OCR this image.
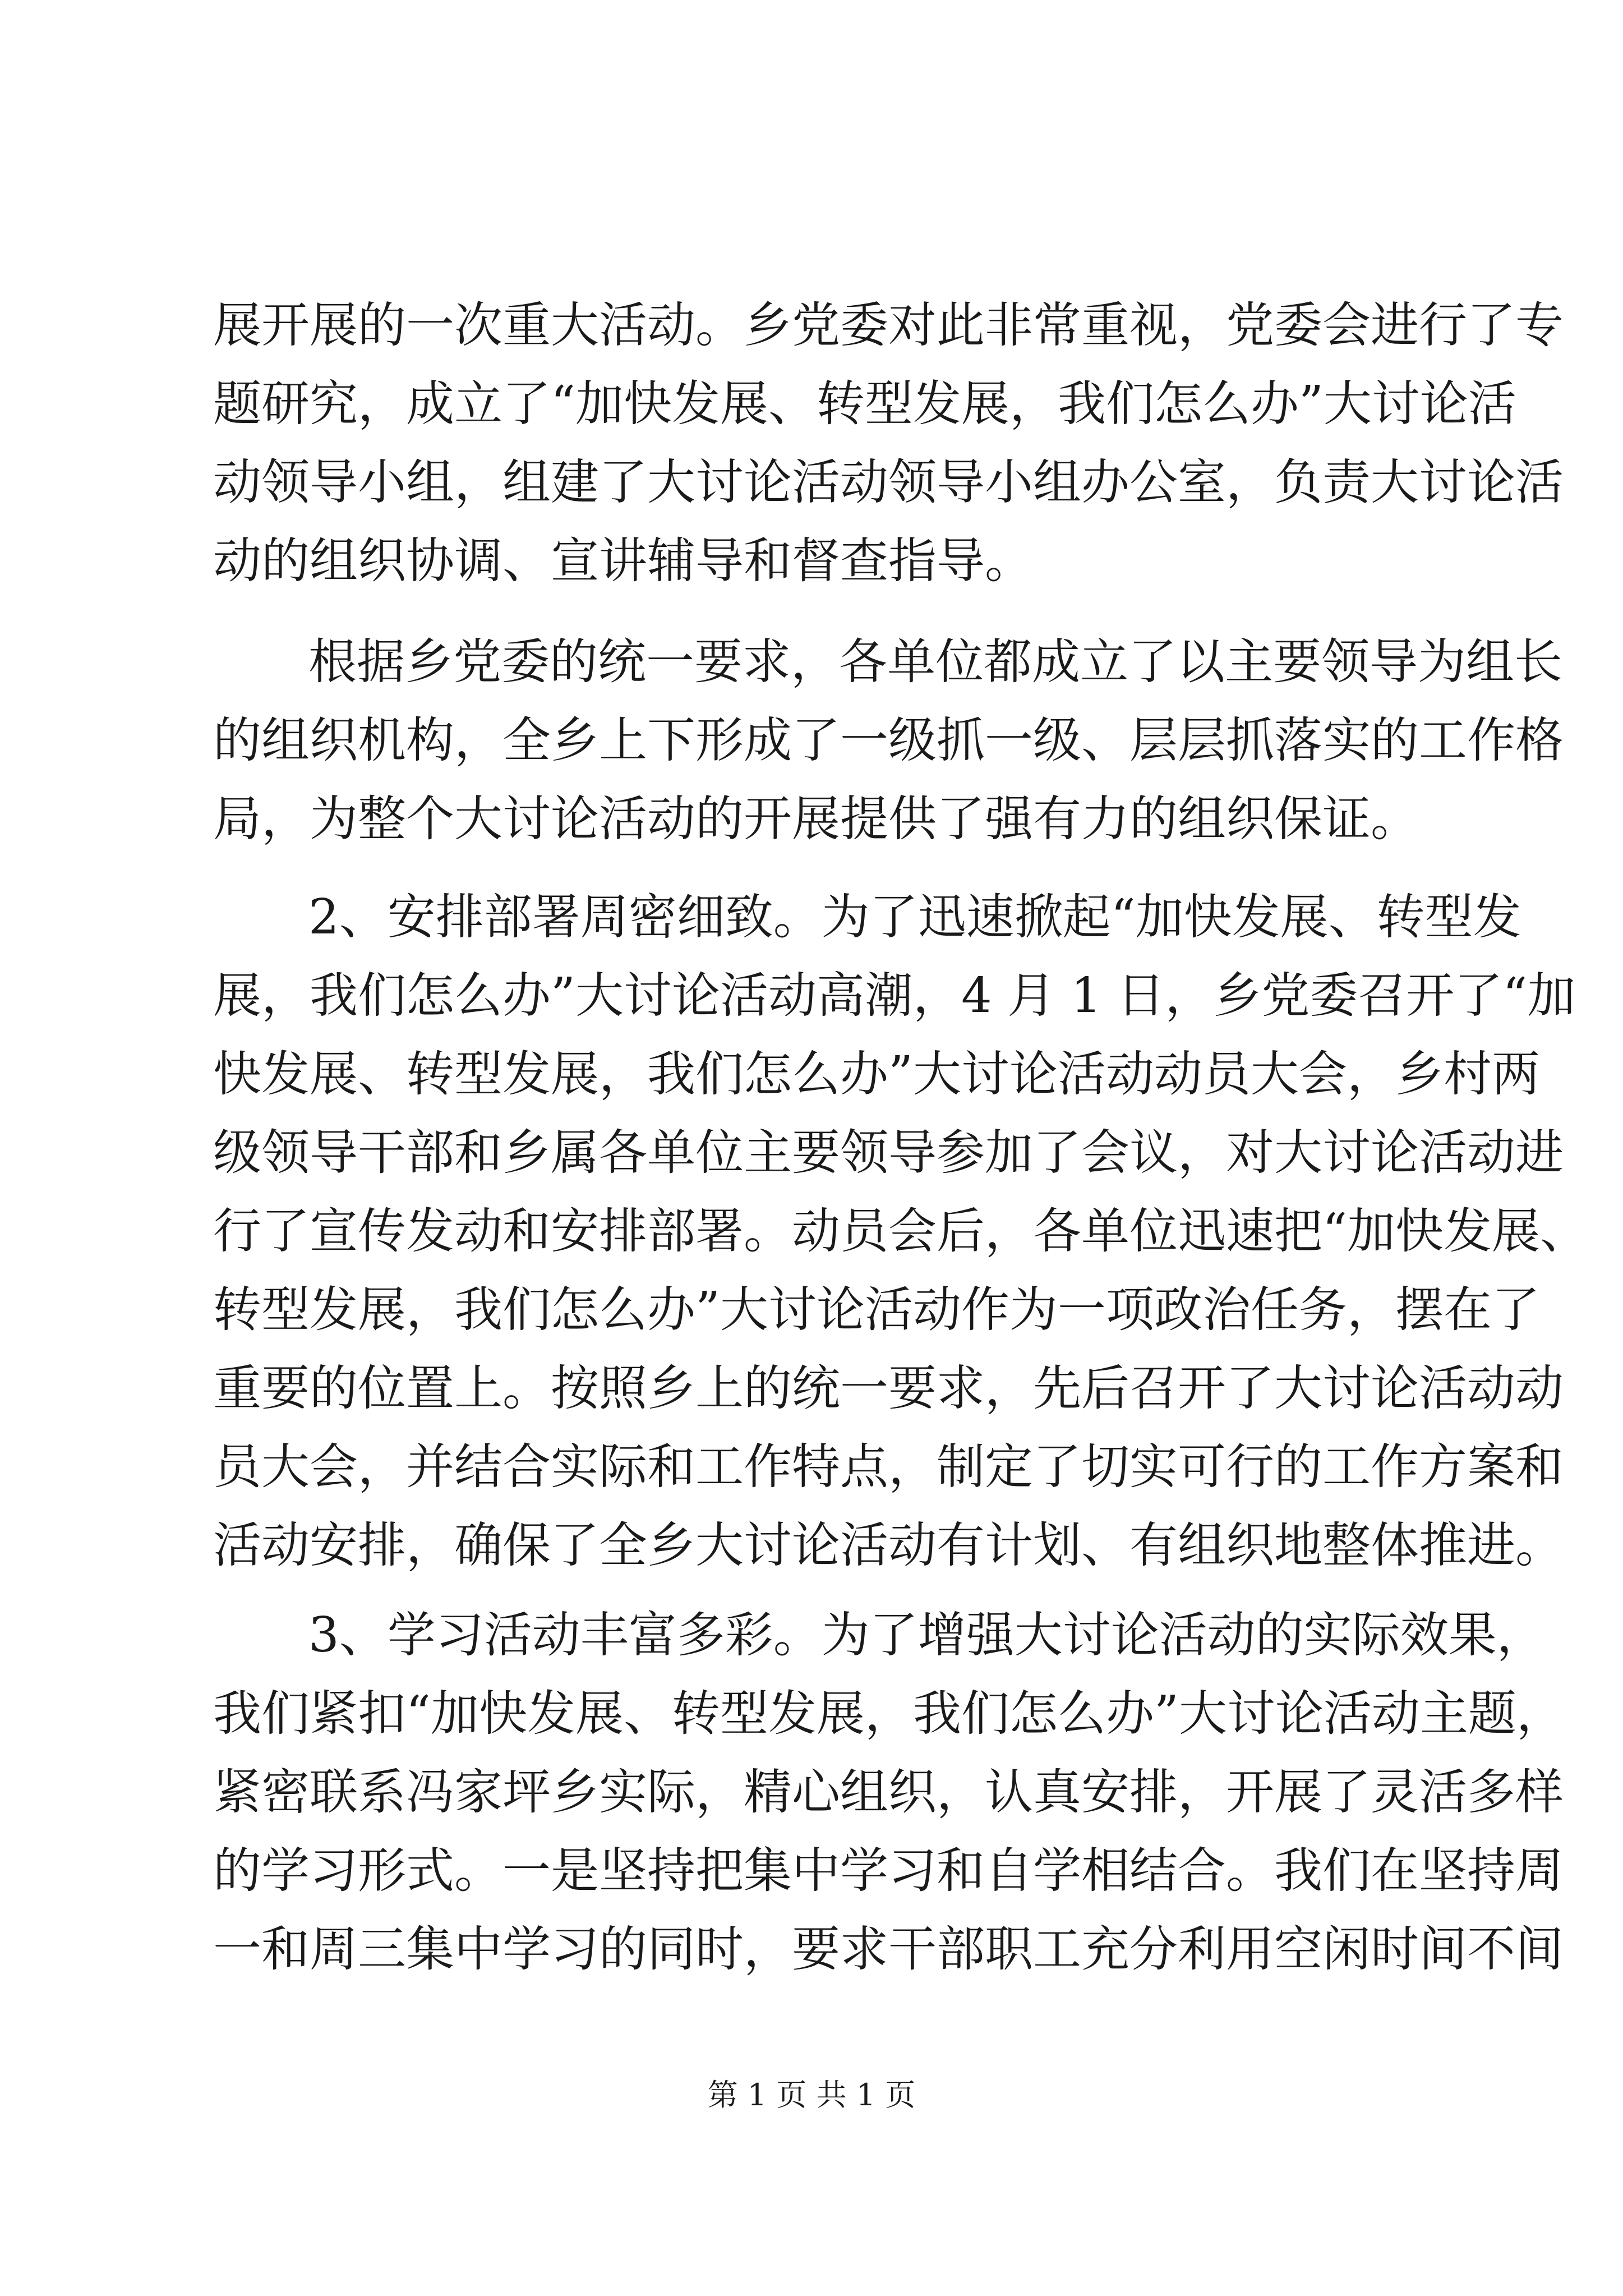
展开展的一次重大活动。乡党委对此非常重视，党委会进行了专
题研究，成立了“加快发展、转型发展，我们怎么办”大讨论活
动领导小组，组建了大讨论活动领导小组办公室，负责大讨论活
动的组织协调、宣讲辅导和督查指导。
根据乡党委的统一要求，各单位都成立了以主要领导为组长
的组织机构，全乡上下形成了一级抓一级、层层抓落实的工作格
局，为整个大讨论活动的开展提供了强有力的组织保证。
2、安排部署周密细致。为了迅速掀起“加快发展、转型发
展，我们怎么办”大讨论活动高潮，4 月 1 日，乡党委召开了“加
快发展、转型发展，我们怎么办”大讨论活动动员大会，乡村两
级领导干部和乡属各单位主要领导参加了会议，对大讨论活动进
行了宣传发动和安排部署。动员会后，各单位迅速把“加快发展、
转型发展，我们怎么办”大讨论活动作为一项政治任务，摆在了
重要的位置上。按照乡上的统一要求，先后召开了大讨论活动动
员大会，并结合实际和工作特点，制定了切实可行的工作方案和
活动安排，确保了全乡大讨论活动有计划、有组织地整体推进。
3、学习活动丰富多彩。为了增强大讨论活动的实际效果，
我们紧扣“加快发展、转型发展，我们怎么办”大讨论活动主题，
紧密联系冯家坪乡实际，精心组织，认真安排，开展了灵活多样
的学习形式。一是坚持把集中学习和自学相结合。我们在坚持周
一和周三集中学习的同时，要求干部职工充分利用空闲时间不间
第 1 页 共 1 页
